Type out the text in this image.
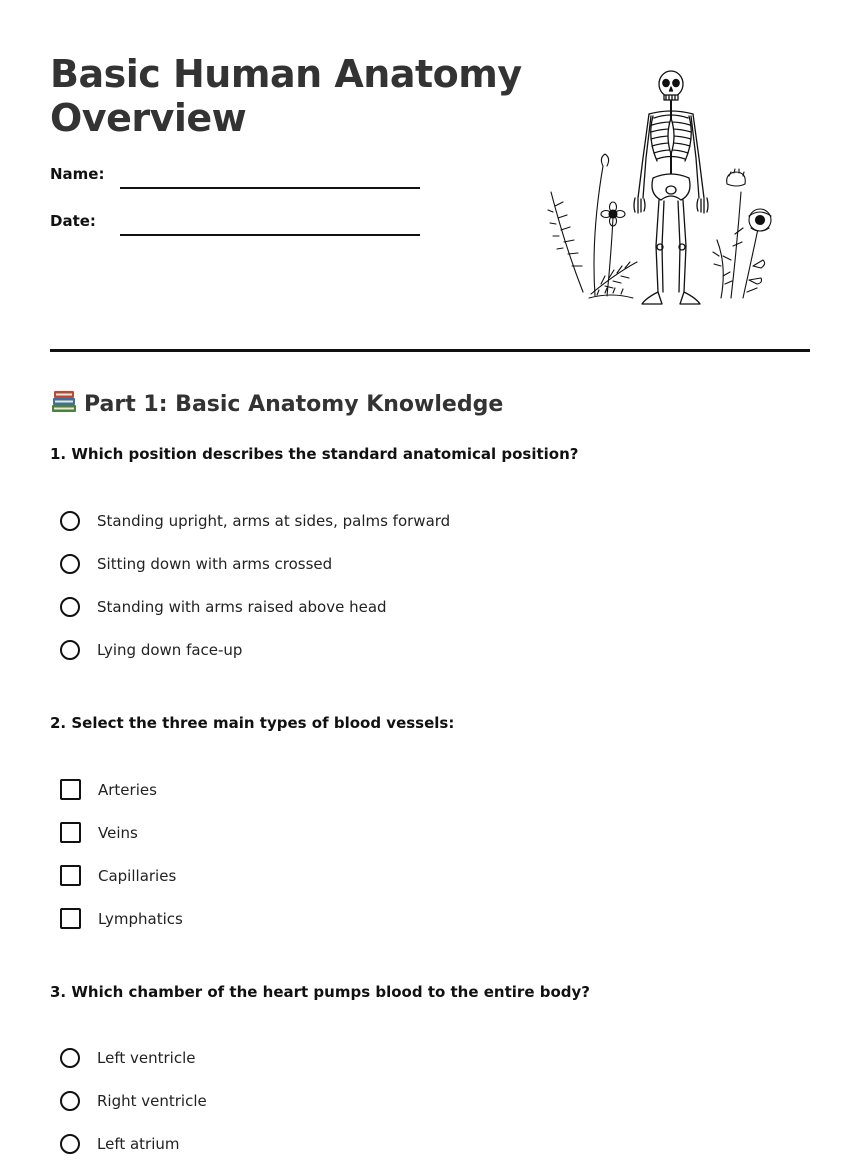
Basic Human Anatomy Overview
Name:
Date:
Part 1: Basic Anatomy Knowledge

1. Which position describes the standard anatomical position?

Standing upright, arms at sides, palms forward
Sitting down with arms crossed
Standing with arms raised above head
Lying down face-up

2. Select the three main types of blood vessels:

Arteries
Veins
Capillaries
Lymphatics

3. Which chamber of the heart pumps blood to the entire body?

Left ventricle
Right ventricle
Left atrium
